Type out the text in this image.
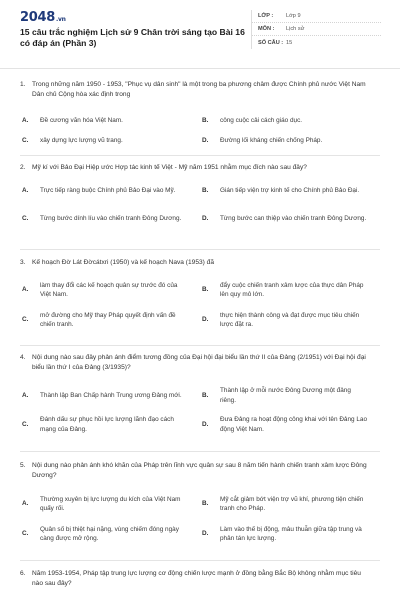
2048 .vn
15 câu trắc nghiệm Lịch sử 9 Chân trời sáng tạo Bài 16 có đáp án (Phần 3)
LỚP :	Lớp 9
MÔN :	Lịch sử
SỐ CÂU : 15
1. Trong những năm 1950 - 1953, "Phục vụ dân sinh" là một trong ba phương châm được Chính phủ nước Việt Nam Dân chủ Cộng hòa xác định trong
A.	Đề cương văn hóa Việt Nam.	B.	công cuộc cải cách giáo dục.
C.	xây dựng lực lượng vũ trang.	D.	Đường lối kháng chiến chống Pháp.
2. Mỹ kí với Bảo Đại Hiệp ước Hợp tác kinh tế Việt - Mỹ năm 1951 nhằm mục đích nào sau đây?
A.	Trực tiếp ràng buộc Chính phủ Bảo Đại vào Mỹ.	B.	Gián tiếp viện trợ kinh tế cho Chính phủ Bảo Đại.
C.	Từng bước dính líu vào chiến tranh Đông Dương.	D.	Từng bước can thiệp vào chiến tranh Đông Dương.
3. Kế hoạch Đờ Lát Đờcátxri (1950) và kế hoạch Nava (1953) đã
A.
làm thay đổi các kế hoạch quân sự trước đó của Việt Nam.
B.
đẩy cuộc chiến tranh xâm lược của thực dân Pháp lên quy mô lớn.
C.
mở đường cho Mỹ thay Pháp quyết định vấn đề chiến tranh.
D.
thực hiện thành công và đạt được mục tiêu chiến lược đặt ra.
4. Nội dung nào sau đây phản ánh điểm tương đồng của Đại hội đại biểu lần thứ II của Đảng (2/1951) với Đại hội đại biểu lần thứ I của Đảng (3/1935)?
A.	Thành lập Ban Chấp hành Trung ương Đảng mới.	B.
Thành lập ở mỗi nước Đông Dương một đảng riêng.
C.
Đánh dấu sự phục hồi lực lượng lãnh đạo cách mạng của Đảng.
D.
Đưa Đảng ra hoạt động công khai với tên Đảng Lao động Việt Nam.
5. Nội dung nào phản ánh khó khăn của Pháp trên lĩnh vực quân sự sau 8 năm tiến hành chiến tranh xâm lược Đông Dương?
A.
Thường xuyên bị lực lượng du kích của Việt Nam quấy rối.
B.
Mỹ cắt giảm bớt viện trợ vũ khí, phương tiện chiến tranh cho Pháp.
C.
Quân số bị thiệt hại nặng, vùng chiếm đóng ngày càng được mở rộng.
D.
Làm vào thế bị động, mâu thuẫn giữa tập trung và phân tán lực lượng.
6. Năm 1953-1954, Pháp tập trung lực lượng cơ động chiến lược mạnh ở đồng bằng Bắc Bộ không nhằm mục tiêu nào sau đây?
